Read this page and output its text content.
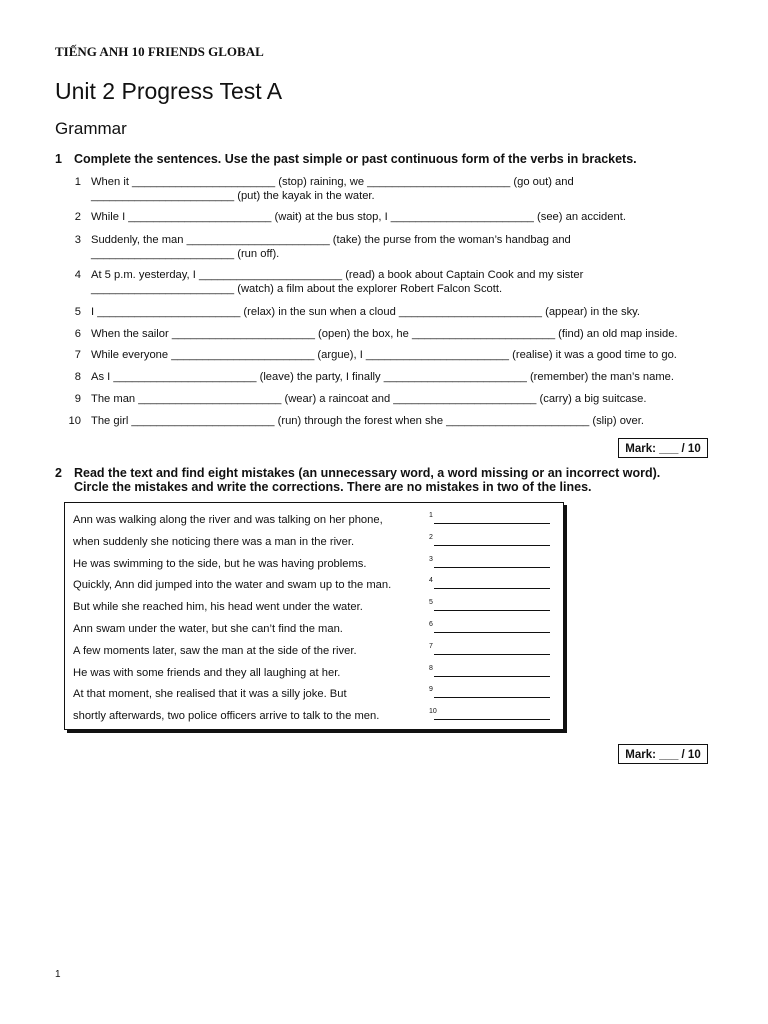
TIẾNG ANH 10 FRIENDS GLOBAL
Unit 2 Progress Test A
Grammar
1 Complete the sentences. Use the past simple or past continuous form of the verbs in brackets.
1 When it _______________________ (stop) raining, we _______________________ (go out) and
_______________________ (put) the kayak in the water.
2 While I _______________________ (wait) at the bus stop, I _______________________ (see) an accident.
3 Suddenly, the man _______________________ (take) the purse from the woman’s handbag and
_______________________ (run off).
4 At 5 p.m. yesterday, I _______________________ (read) a book about Captain Cook and my sister
_______________________ (watch) a film about the explorer Robert Falcon Scott.
5 I _______________________ (relax) in the sun when a cloud _______________________ (appear) in the sky.
6 When the sailor _______________________ (open) the box, he _______________________ (find) an old map inside.
7 While everyone _______________________ (argue), I _______________________ (realise) it was a good time to go.
8 As I _______________________ (leave) the party, I finally _______________________ (remember) the man’s name.
9 The man _______________________ (wear) a raincoat and _______________________ (carry) a big suitcase.
10 The girl _______________________ (run) through the forest when she _______________________ (slip) over.
Mark: ___ / 10
2 Read the text and find eight mistakes (an unnecessary word, a word missing or an incorrect word).
Circle the mistakes and write the corrections. There are no mistakes in two of the lines.
Ann was walking along the river and was talking on her phone,	1
when suddenly she noticing there was a man in the river.	2
He was swimming to the side, but he was having problems.	3
Quickly, Ann did jumped into the water and swam up to the man.	4
But while she reached him, his head went under the water.	5
Ann swam under the water, but she can’t find the man.	6
A few moments later, saw the man at the side of the river.	7
He was with some friends and they all laughing at her.	8
At that moment, she realised that it was a silly joke. But	9
shortly afterwards, two police officers arrive to talk to the men.	10
Mark: ___ / 10
1
